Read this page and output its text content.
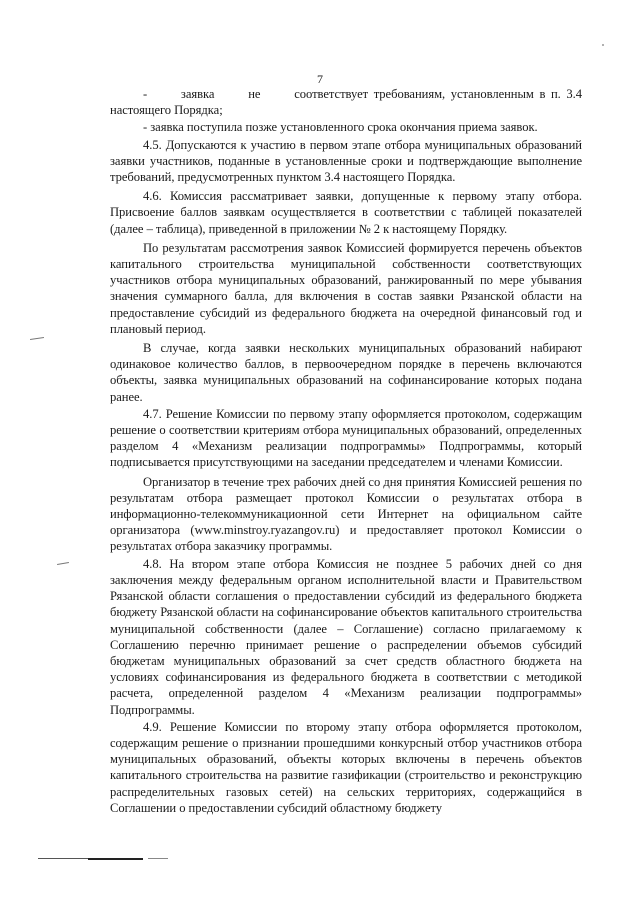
7

-      заявка      не      соответствует требованиям, установленным в п. 3.4 настоящего Порядка;

- заявка поступила позже установленного срока окончания приема заявок.

4.5. Допускаются к участию в первом этапе отбора муниципальных образований заявки участников, поданные в установленные сроки и подтверждающие выполнение требований, предусмотренных пунктом 3.4 настоящего Порядка.

4.6. Комиссия рассматривает заявки, допущенные к первому этапу отбора. Присвоение баллов заявкам осуществляется в соответствии с таблицей показателей (далее – таблица), приведенной в приложении № 2 к настоящему Порядку.

По результатам рассмотрения заявок Комиссией формируется перечень объектов капитального строительства муниципальной собственности соответствующих участников отбора муниципальных образований, ранжированный по мере убывания значения суммарного балла, для включения в состав заявки Рязанской области на предоставление субсидий из федерального бюджета на очередной финансовый год и плановый период.

В случае, когда заявки нескольких муниципальных образований набирают одинаковое количество баллов, в первоочередном порядке в перечень включаются объекты, заявка муниципальных образований на софинансирование которых подана ранее.

4.7. Решение Комиссии по первому этапу оформляется протоколом, содержащим решение о соответствии критериям отбора муниципальных образований, определенных разделом 4 «Механизм реализации подпрограммы» Подпрограммы, который подписывается присутствующими на заседании председателем и членами Комиссии.

Организатор в течение трех рабочих дней со дня принятия Комиссией решения по результатам отбора размещает протокол Комиссии о результатах отбора в информационно-телекоммуникационной сети Интернет на официальном сайте организатора (www.minstroy.ryazangov.ru) и предоставляет протокол Комиссии о результатах отбора заказчику программы.

4.8. На втором этапе отбора Комиссия не позднее 5 рабочих дней со дня заключения между федеральным органом исполнительной власти и Правительством Рязанской области соглашения о предоставлении субсидий из федерального бюджета бюджету Рязанской области на софинансирование объектов капитального строительства муниципальной собственности (далее – Соглашение) согласно прилагаемому к Соглашению перечню принимает решение о распределении объемов субсидий бюджетам муниципальных образований за счет средств областного бюджета на условиях софинансирования из федерального бюджета в соответствии с методикой расчета, определенной разделом 4 «Механизм реализации подпрограммы» Подпрограммы.

4.9. Решение Комиссии по второму этапу отбора оформляется протоколом, содержащим решение о признании прошедшими конкурсный отбор участников отбора муниципальных образований, объекты которых включены в перечень объектов капитального строительства на развитие газификации (строительство и реконструкцию распределительных газовых сетей) на сельских территориях, содержащийся в Соглашении о предоставлении субсидий областному бюджету
